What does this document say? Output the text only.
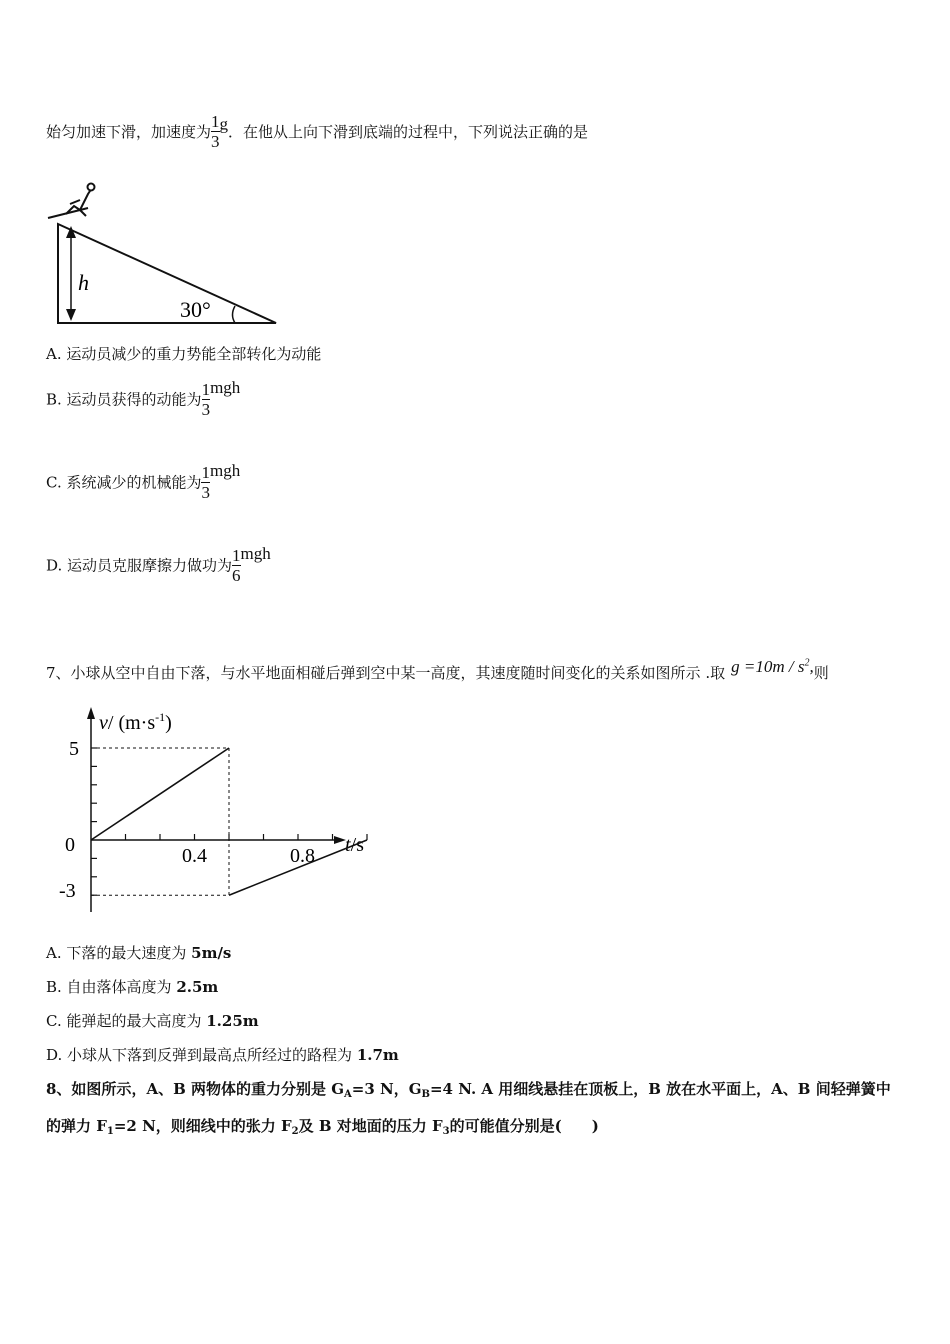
始匀加速下滑，加速度为 $\frac{1}{3}$ g．在他从上向下滑到底端的过程中，下列说法正确的是
h
30°
A. 运动员减少的重力势能全部转化为动能
B. 运动员获得的动能为 $\frac{1}{3}$ mgh
C. 系统减少的机械能为 $\frac{1}{3}$ mgh
D. 运动员克服摩擦力做功为 $\frac{1}{6}$ mgh
7、小球从空中自由下落，与水平地面相碰后弹到空中某一高度，其速度随时间变化的关系如图所示 .取 $g =10m / s^2$,则
v/ $(m\cdot s^{-1})$
t/s
5
0
-3
0.4	0.8
A. 下落的最大速度为 5m/s
B. 自由落体高度为 2.5m
C. 能弹起的最大高度为 1.25m
D. 小球从下落到反弹到最高点所经过的路程为 1.7m
8、如图所示，A、B 两物体的重力分别是 $G_A=3$ N，$G_B=4$ N. A 用细线悬挂在顶板上，B 放在水平面上，A、B 间轻弹簧中
的弹力 $F_1=2$ N，则细线中的张力 $F_2$及 B 对地面的压力 $F_3$的可能值分别是(　　)
